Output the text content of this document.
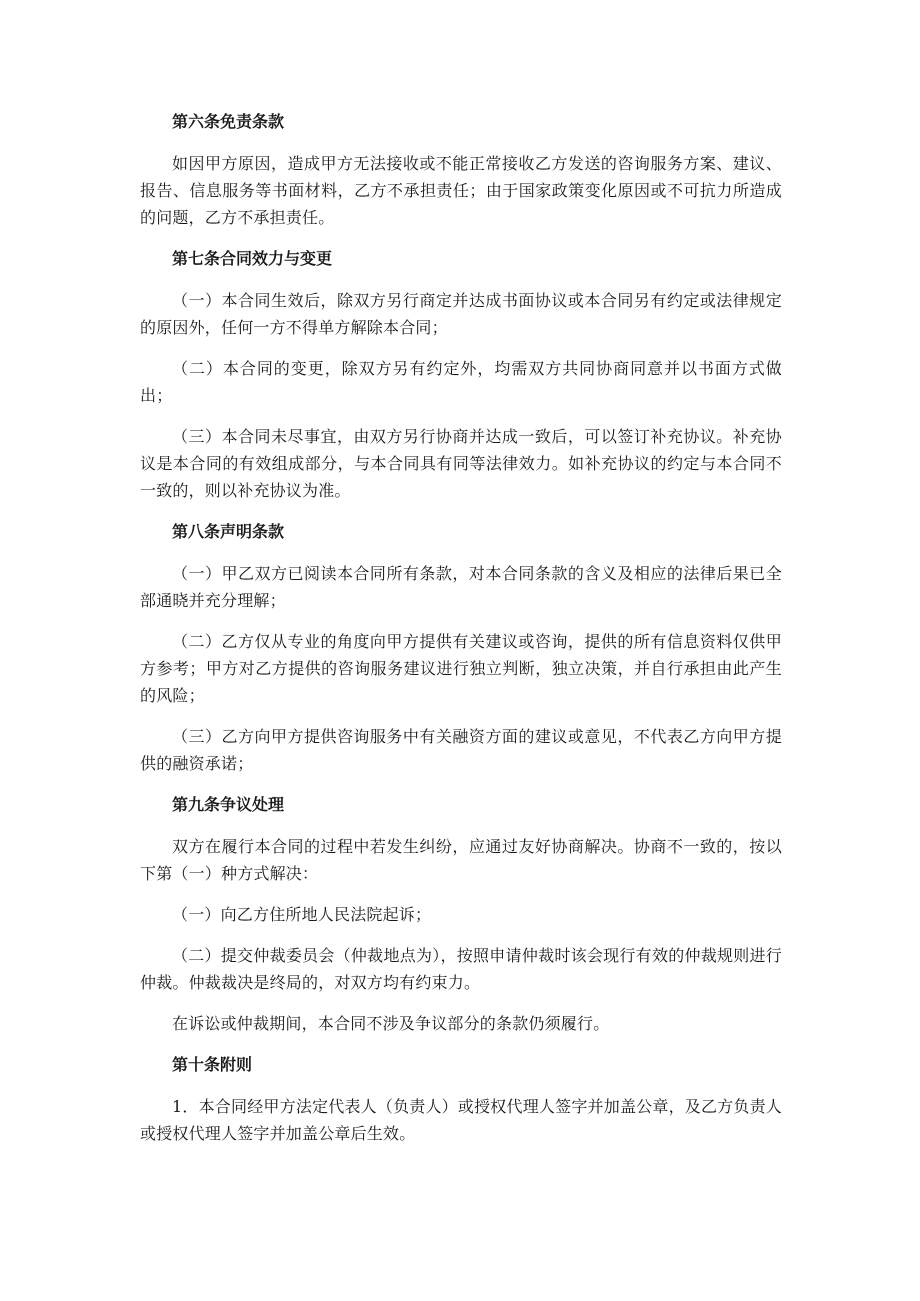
第六条免责条款

如因甲方原因，造成甲方无法接收或不能正常接收乙方发送的咨询服务方案、建议、报告、信息服务等书面材料，乙方不承担责任；由于国家政策变化原因或不可抗力所造成的问题，乙方不承担责任。

第七条合同效力与变更

（一）本合同生效后，除双方另行商定并达成书面协议或本合同另有约定或法律规定的原因外，任何一方不得单方解除本合同；

（二）本合同的变更，除双方另有约定外，均需双方共同协商同意并以书面方式做出；

（三）本合同未尽事宜，由双方另行协商并达成一致后，可以签订补充协议。补充协议是本合同的有效组成部分，与本合同具有同等法律效力。如补充协议的约定与本合同不一致的，则以补充协议为准。

第八条声明条款

（一）甲乙双方已阅读本合同所有条款，对本合同条款的含义及相应的法律后果已全部通晓并充分理解；

（二）乙方仅从专业的角度向甲方提供有关建议或咨询，提供的所有信息资料仅供甲方参考；甲方对乙方提供的咨询服务建议进行独立判断，独立决策，并自行承担由此产生的风险；

（三）乙方向甲方提供咨询服务中有关融资方面的建议或意见，不代表乙方向甲方提供的融资承诺；

第九条争议处理

双方在履行本合同的过程中若发生纠纷，应通过友好协商解决。协商不一致的，按以下第（一）种方式解决：

（一）向乙方住所地人民法院起诉；

（二）提交仲裁委员会（仲裁地点为），按照申请仲裁时该会现行有效的仲裁规则进行仲裁。仲裁裁决是终局的，对双方均有约束力。

在诉讼或仲裁期间，本合同不涉及争议部分的条款仍须履行。

第十条附则

1．本合同经甲方法定代表人（负责人）或授权代理人签字并加盖公章，及乙方负责人或授权代理人签字并加盖公章后生效。
